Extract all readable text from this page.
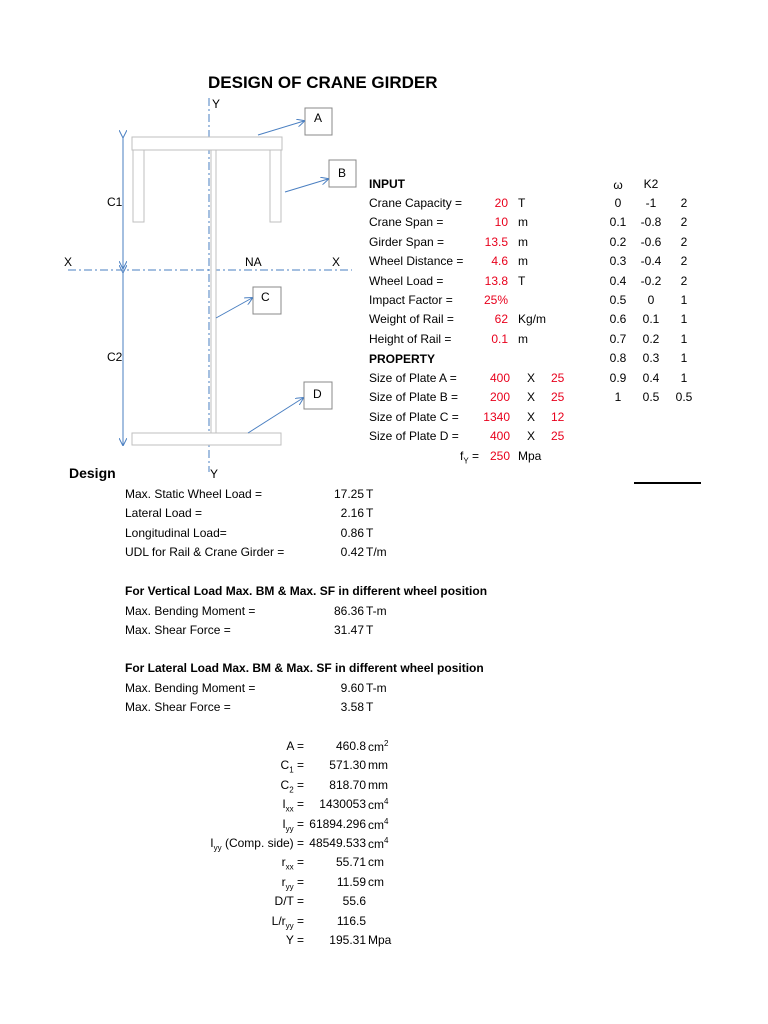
DESIGN OF CRANE GIRDER
Y
Y
X	X
NA
C1
C2
A
B
C
D
INPUT
Crane Capacity =	20 T
Crane Span =	10 m
Girder Span =	13.5 m
Wheel Distance =	4.6 m
Wheel Load =	13.8 T
Impact Factor =	25%
Weight of Rail =	62 Kg/m
Height of Rail =	0.1 m
PROPERTY
Size of Plate A =	400 X 25
Size of Plate B =	200 X 25
Size of Plate C =	1340 X 12
Size of Plate D =	400 X 25
$f_Y = 250$ Mpa
ω	K2
0	-1	2
0.1	-0.8	2
0.2	-0.6	2
0.3	-0.4	2
0.4	-0.2	2
0.5	0	1
0.6	0.1	1
0.7	0.2	1
0.8	0.3	1
0.9	0.4	1
1	0.5	0.5
Design
Max. Static Wheel Load =	17.25 T
Lateral Load =	2.16 T
Longitudinal Load=	0.86 T
UDL for Rail & Crane Girder =	0.42 T/m
For Vertical Load Max. BM & Max. SF in different wheel position
Max. Bending Moment =	86.36 T-m
Max. Shear Force =	31.47 T
For Lateral Load Max. BM & Max. SF in different wheel position
Max. Bending Moment =	9.60 T-m
Max. Shear Force =	3.58 T
A =	460.8 $cm^2$
$C_1$ =	571.30 mm
$C_2$ =	818.70 mm
$I_{xx}$ =	1430053 $cm^4$
$I_{yy} = 61894.296$ $cm^4$
$I_{yy}$ (Comp. side) = 48549.533 $cm^4$
$r_{xx}$ =	55.71 cm
$r_{yy}$ =	11.59 cm
D/T =	55.6
$L/r_{yy}$ =	116.5
Y =	195.31 Mpa
